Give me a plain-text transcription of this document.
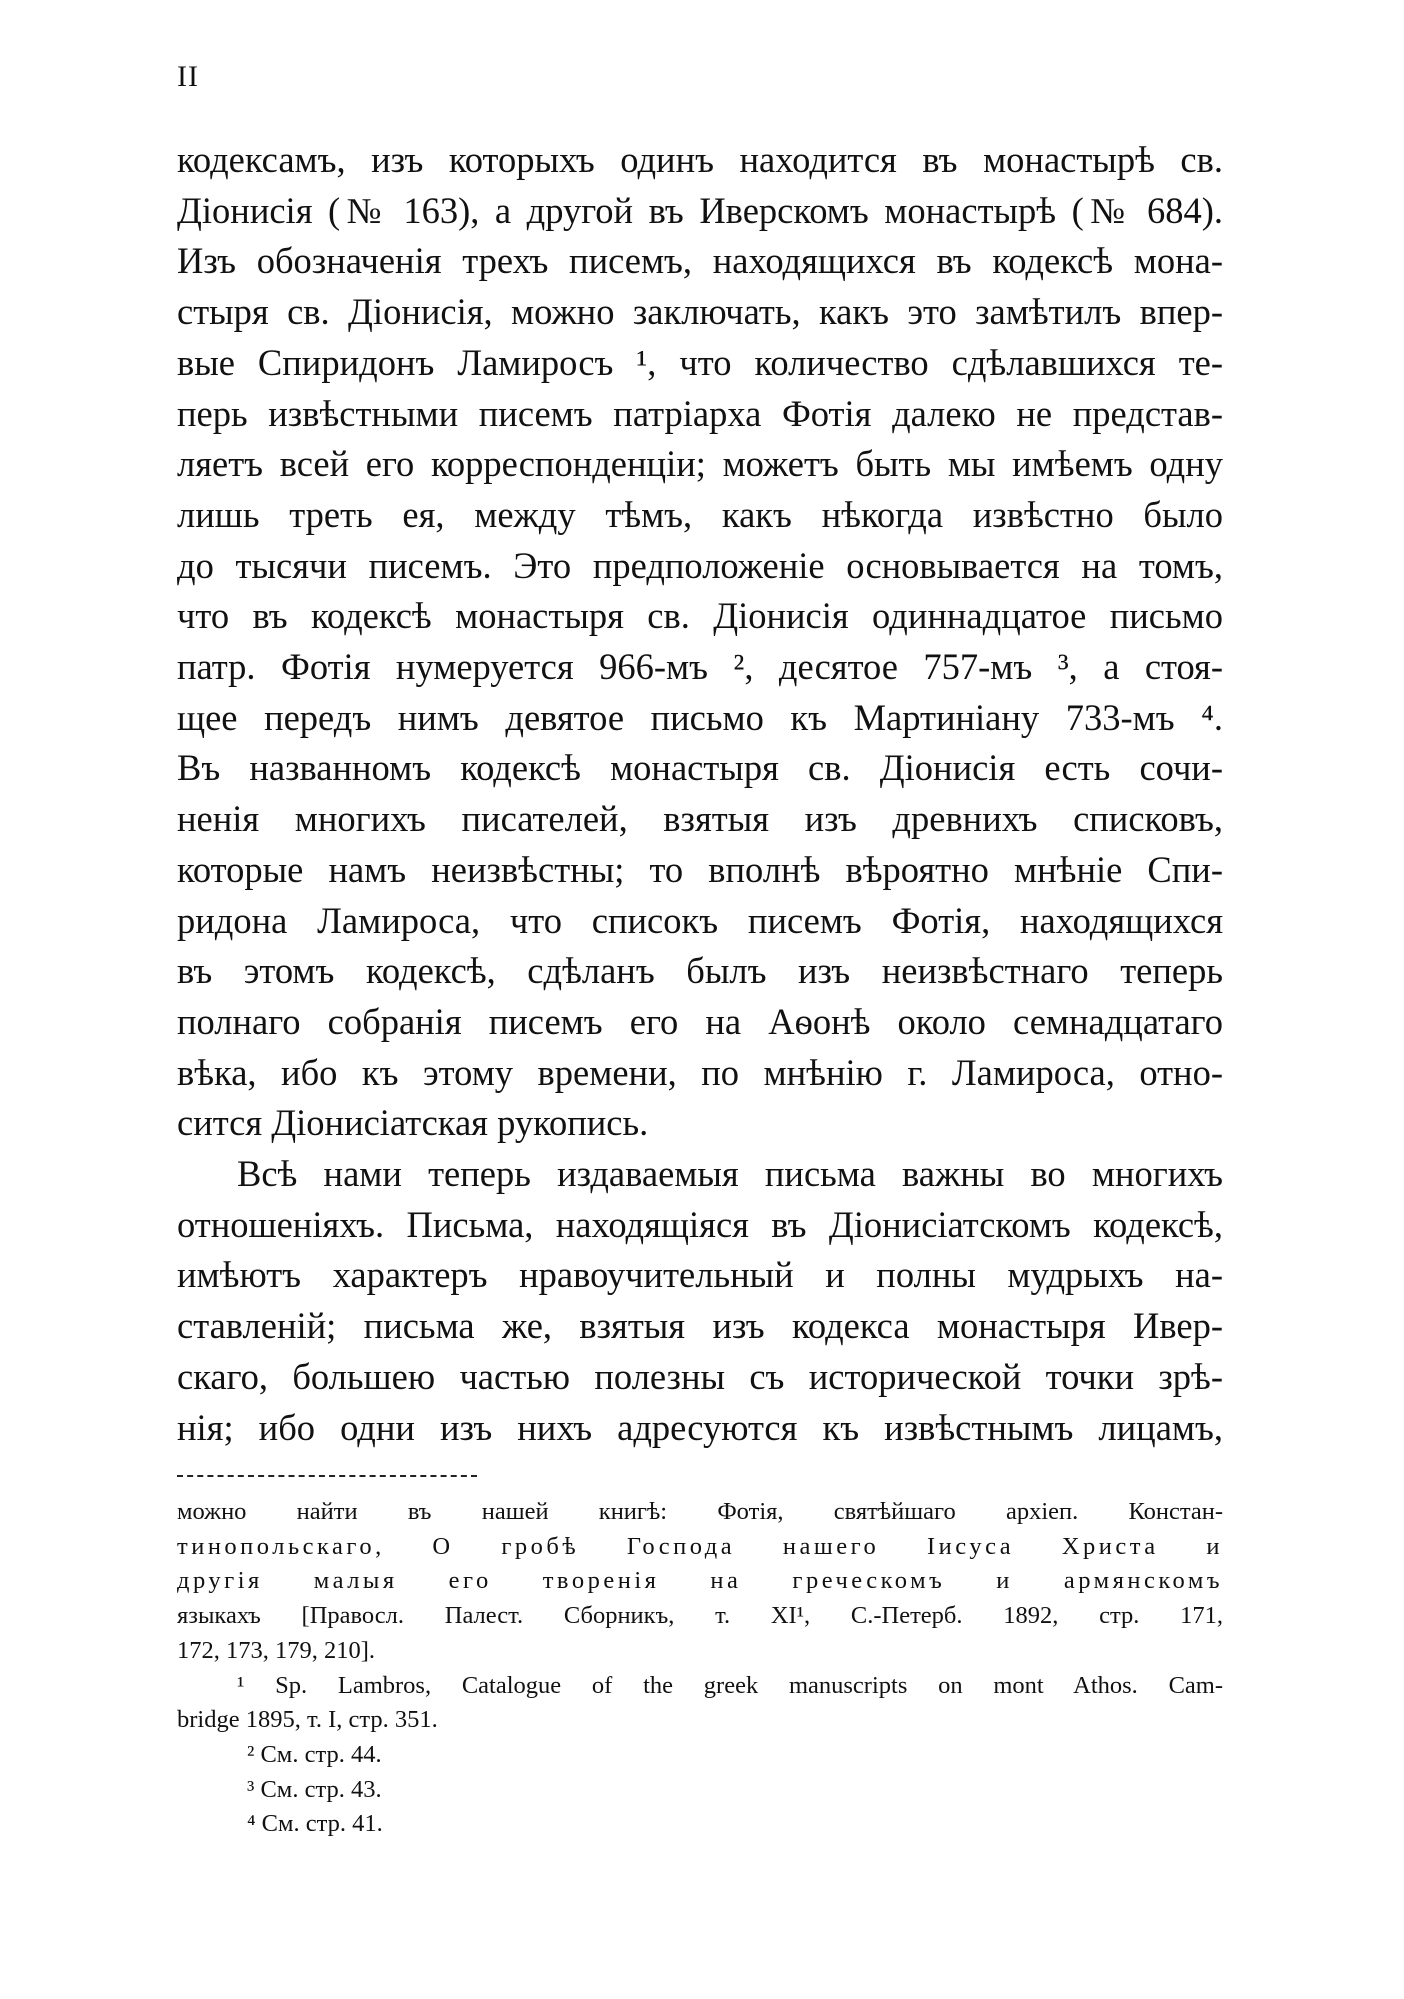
II
кодексамъ, изъ которыхъ одинъ находится въ монастырѣ св.
Діонисія (№ 163), а другой въ Иверскомъ монастырѣ (№ 684).
Изъ обозначенія трехъ писемъ, находящихся въ кодексѣ мона-
стыря св. Діонисія, можно заключать, какъ это замѣтилъ впер-
вые Спиридонъ Ламиросъ ¹, что количество сдѣлавшихся те-
перь извѣстными писемъ патріарха Фотія далеко не представ-
ляетъ всей его корреспонденціи; можетъ быть мы имѣемъ одну
лишь треть ея, между тѣмъ, какъ нѣкогда извѣстно было
до тысячи писемъ. Это предположеніе основывается на томъ,
что въ кодексѣ монастыря св. Діонисія одиннадцатое письмо
патр. Фотія нумеруется 966-мъ ², десятое 757-мъ ³, а стоя-
щее передъ нимъ девятое письмо къ Мартиніану 733-мъ ⁴.
Въ названномъ кодексѣ монастыря св. Діонисія есть сочи-
ненія многихъ писателей, взятыя изъ древнихъ списковъ,
которые намъ неизвѣстны; то вполнѣ вѣроятно мнѣніе Спи-
ридона Ламироса, что списокъ писемъ Фотія, находящихся
въ этомъ кодексѣ, сдѣланъ былъ изъ неизвѣстнаго теперь
полнаго собранія писемъ его на Аѳонѣ около семнадцатаго
вѣка, ибо къ этому времени, по мнѣнію г. Ламироса, отно-
сится Діонисіатская рукопись.
Всѣ нами теперь издаваемыя письма важны во многихъ
отношеніяхъ. Письма, находящіяся въ Діонисіатскомъ кодексѣ,
имѣютъ характеръ нравоучительный и полны мудрыхъ на-
ставленій; письма же, взятыя изъ кодекса монастыря Ивер-
скаго, большею частью полезны съ исторической точки зрѣ-
нія; ибо одни изъ нихъ адресуются къ извѣстнымъ лицамъ,
можно найти въ нашей книгѣ: Фотія, святѣйшаго архіеп. Констан-
тинопольскаго, О гробѣ Господа нашего Іисуса Христа и
другія малыя его творенія на греческомъ и армянскомъ
языкахъ [Правосл. Палест. Сборникъ, т. XI¹, С.-Петерб. 1892, стр. 171,
172, 173, 179, 210].
¹ Sp. Lambros, Catalogue of the greek manuscripts on mont Athos. Cam-
bridge 1895, т. I, стр. 351.
² См. стр. 44.
³ См. стр. 43.
⁴ См. стр. 41.
